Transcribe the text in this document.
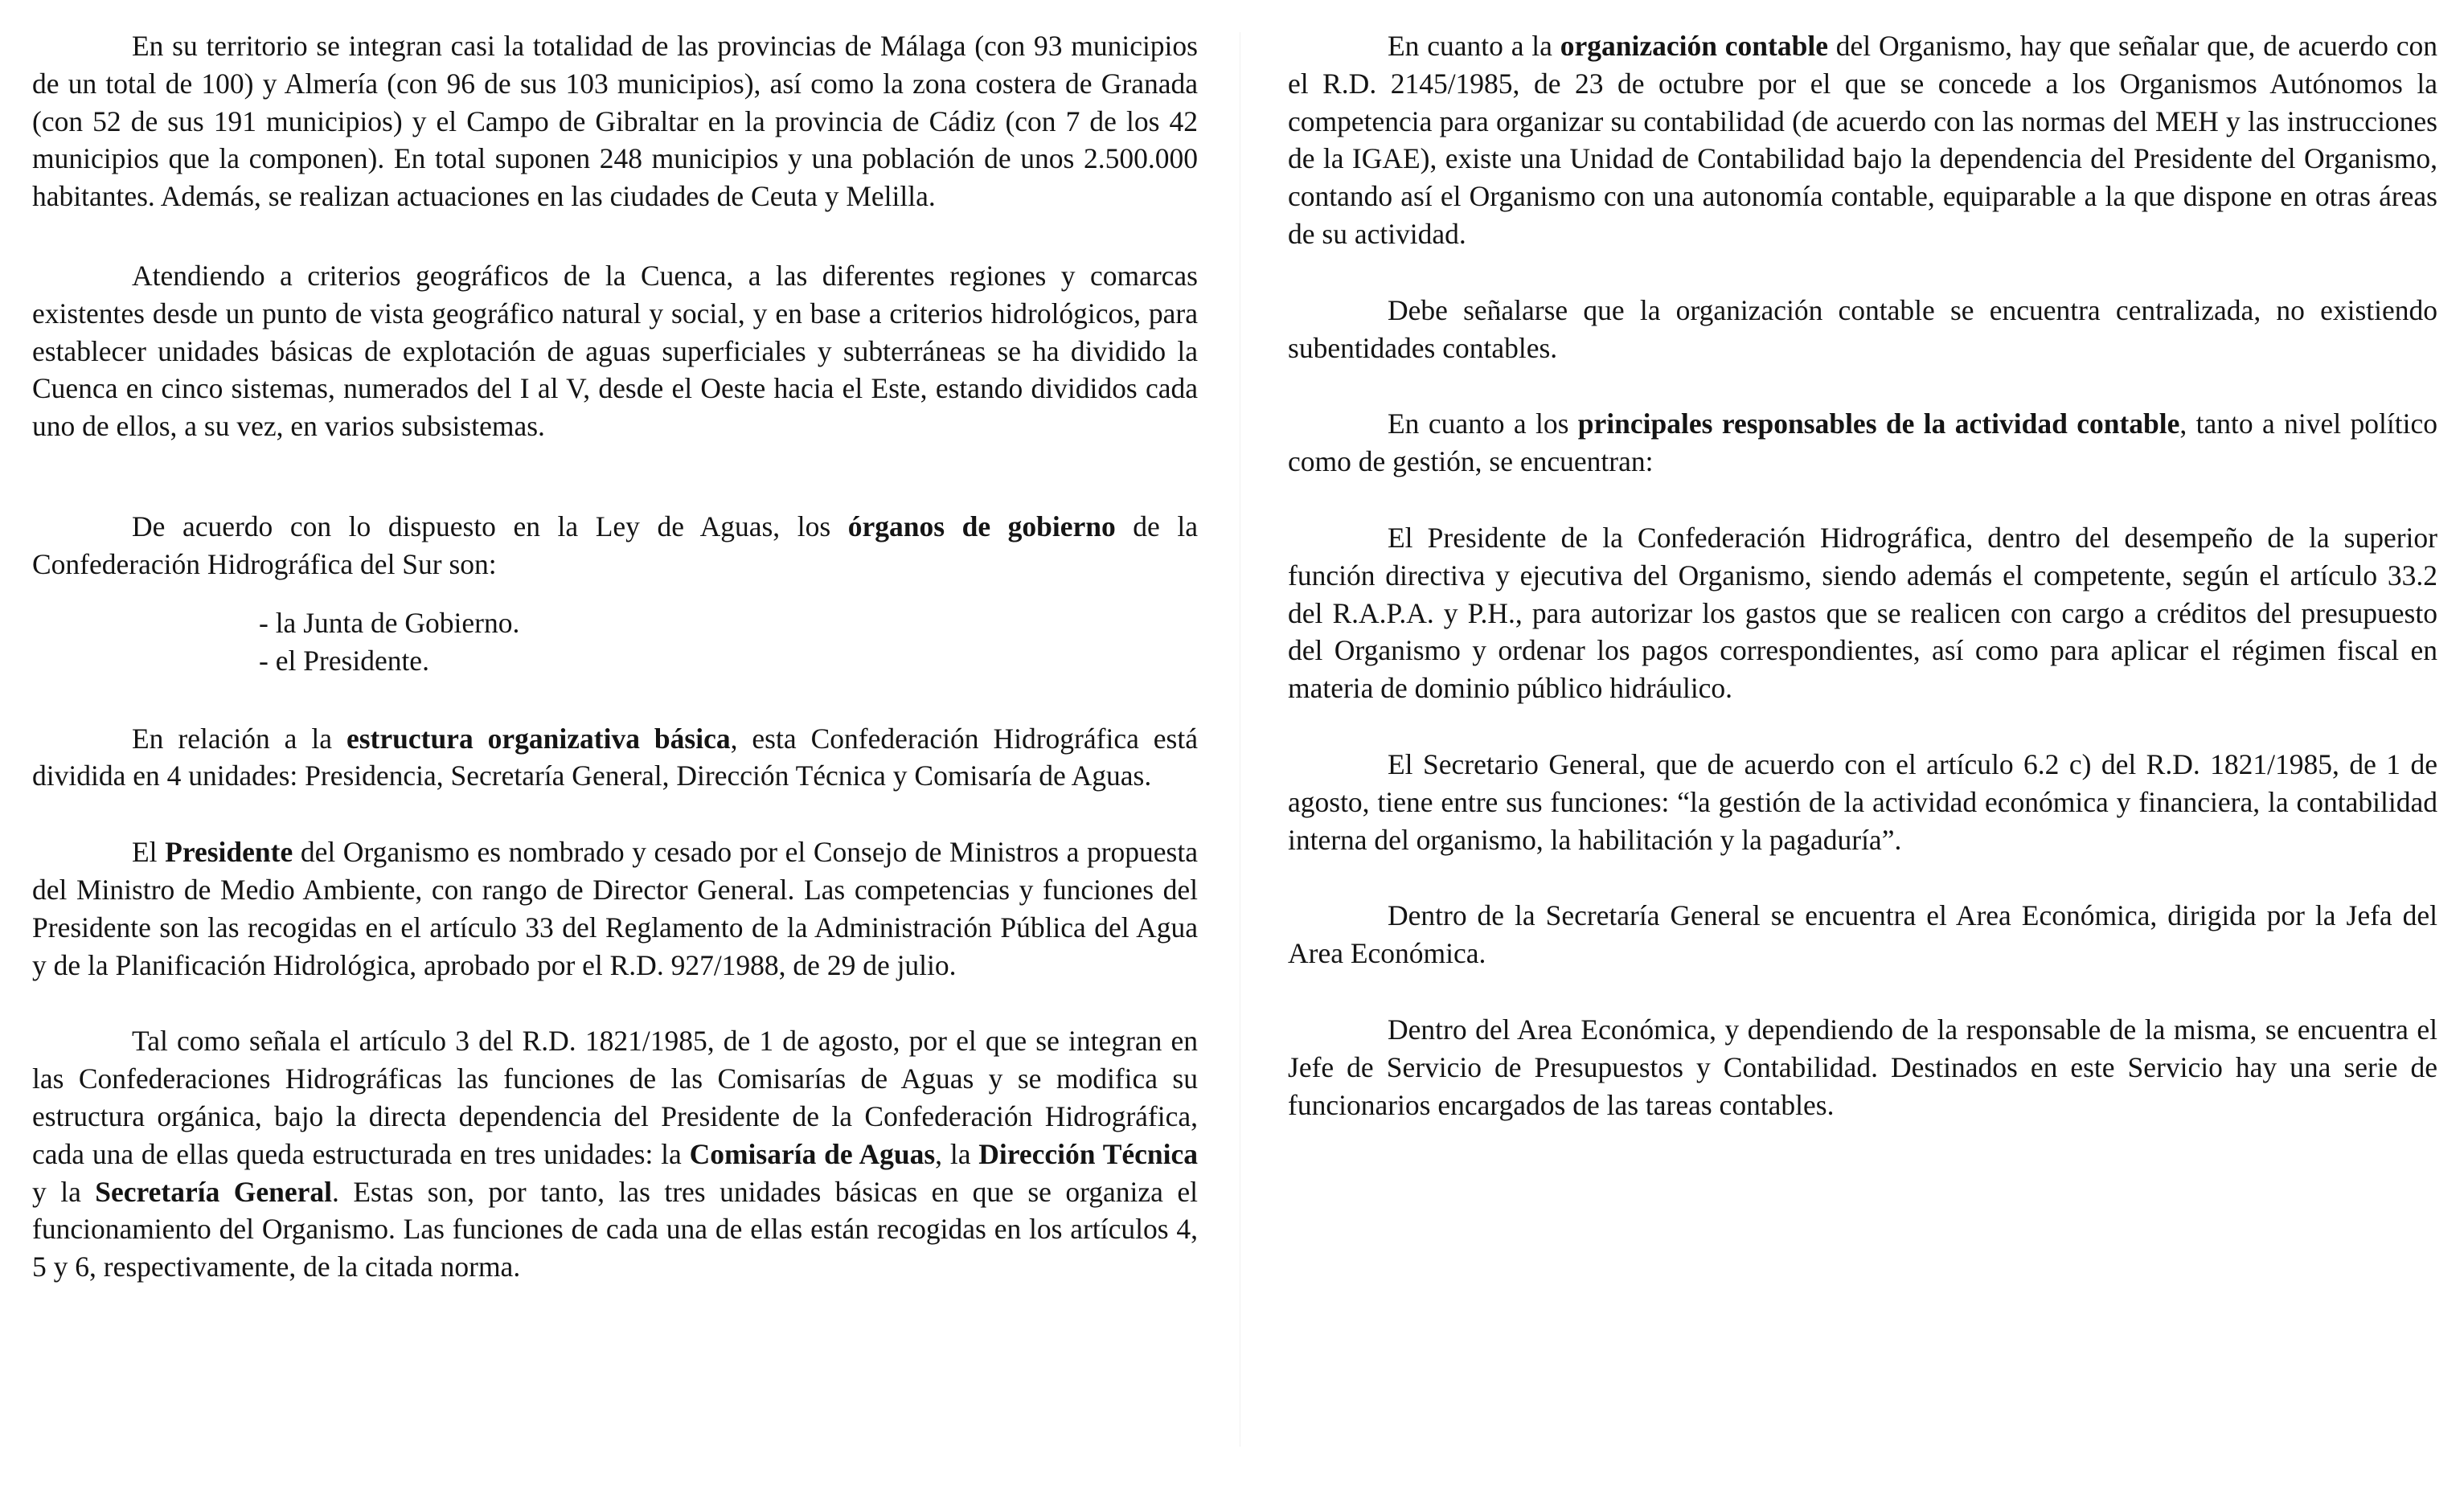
En su territorio se integran casi la totalidad de las provincias de Málaga (con 93 municipios de un total de 100) y Almería (con 96 de sus 103 municipios), así como la zona costera de Granada (con 52 de sus 191 municipios) y el Campo de Gibraltar en la provincia de Cádiz (con 7 de los 42 municipios que la componen). En total suponen 248 municipios y una población de unos 2.500.000 habitantes. Además, se realizan actuaciones en las ciudades de Ceuta y Melilla.

Atendiendo a criterios geográficos de la Cuenca, a las diferentes regiones y comarcas existentes desde un punto de vista geográfico natural y social, y en base a criterios hidrológicos, para establecer unidades básicas de explotación de aguas superficiales y subterráneas se ha dividido la Cuenca en cinco sistemas, numerados del I al V, desde el Oeste hacia el Este, estando divididos cada uno de ellos, a su vez, en varios subsistemas.

De acuerdo con lo dispuesto en la Ley de Aguas, los órganos de gobierno de la Confederación Hidrográfica del Sur son:

- la Junta de Gobierno.
- el Presidente.

En relación a la estructura organizativa básica, esta Confederación Hidrográfica está dividida en 4 unidades: Presidencia, Secretaría General, Dirección Técnica y Comisaría de Aguas.

El Presidente del Organismo es nombrado y cesado por el Consejo de Ministros a propuesta del Ministro de Medio Ambiente, con rango de Director General. Las competencias y funciones del Presidente son las recogidas en el artículo 33 del Reglamento de la Administración Pública del Agua y de la Planificación Hidrológica, aprobado por el R.D. 927/1988, de 29 de julio.

Tal como señala el artículo 3 del R.D. 1821/1985, de 1 de agosto, por el que se integran en las Confederaciones Hidrográficas las funciones de las Comisarías de Aguas y se modifica su estructura orgánica, bajo la directa dependencia del Presidente de la Confederación Hidrográfica, cada una de ellas queda estructurada en tres unidades: la Comisaría de Aguas, la Dirección Técnica y la Secretaría General. Estas son, por tanto, las tres unidades básicas en que se organiza el funcionamiento del Organismo. Las funciones de cada una de ellas están recogidas en los artículos 4, 5 y 6, respectivamente, de la citada norma.

En cuanto a la organización contable del Organismo, hay que señalar que, de acuerdo con el R.D. 2145/1985, de 23 de octubre por el que se concede a los Organismos Autónomos la competencia para organizar su contabilidad (de acuerdo con las normas del MEH y las instrucciones de la IGAE), existe una Unidad de Contabilidad bajo la dependencia del Presidente del Organismo, contando así el Organismo con una autonomía contable, equiparable a la que dispone en otras áreas de su actividad.

Debe señalarse que la organización contable se encuentra centralizada, no existiendo subentidades contables.

En cuanto a los principales responsables de la actividad contable, tanto a nivel político como de gestión, se encuentran:

El Presidente de la Confederación Hidrográfica, dentro del desempeño de la superior función directiva y ejecutiva del Organismo, siendo además el competente, según el artículo 33.2 del R.A.P.A. y P.H., para autorizar los gastos que se realicen con cargo a créditos del presupuesto del Organismo y ordenar los pagos correspondientes, así como para aplicar el régimen fiscal en materia de dominio público hidráulico.

El Secretario General, que de acuerdo con el artículo 6.2 c) del R.D. 1821/1985, de 1 de agosto, tiene entre sus funciones: “la gestión de la actividad económica y financiera, la contabilidad interna del organismo, la habilitación y la pagaduría”.

Dentro de la Secretaría General se encuentra el Area Económica, dirigida por la Jefa del Area Económica.

Dentro del Area Económica, y dependiendo de la responsable de la misma, se encuentra el Jefe de Servicio de Presupuestos y Contabilidad. Destinados en este Servicio hay una serie de funcionarios encargados de las tareas contables.
